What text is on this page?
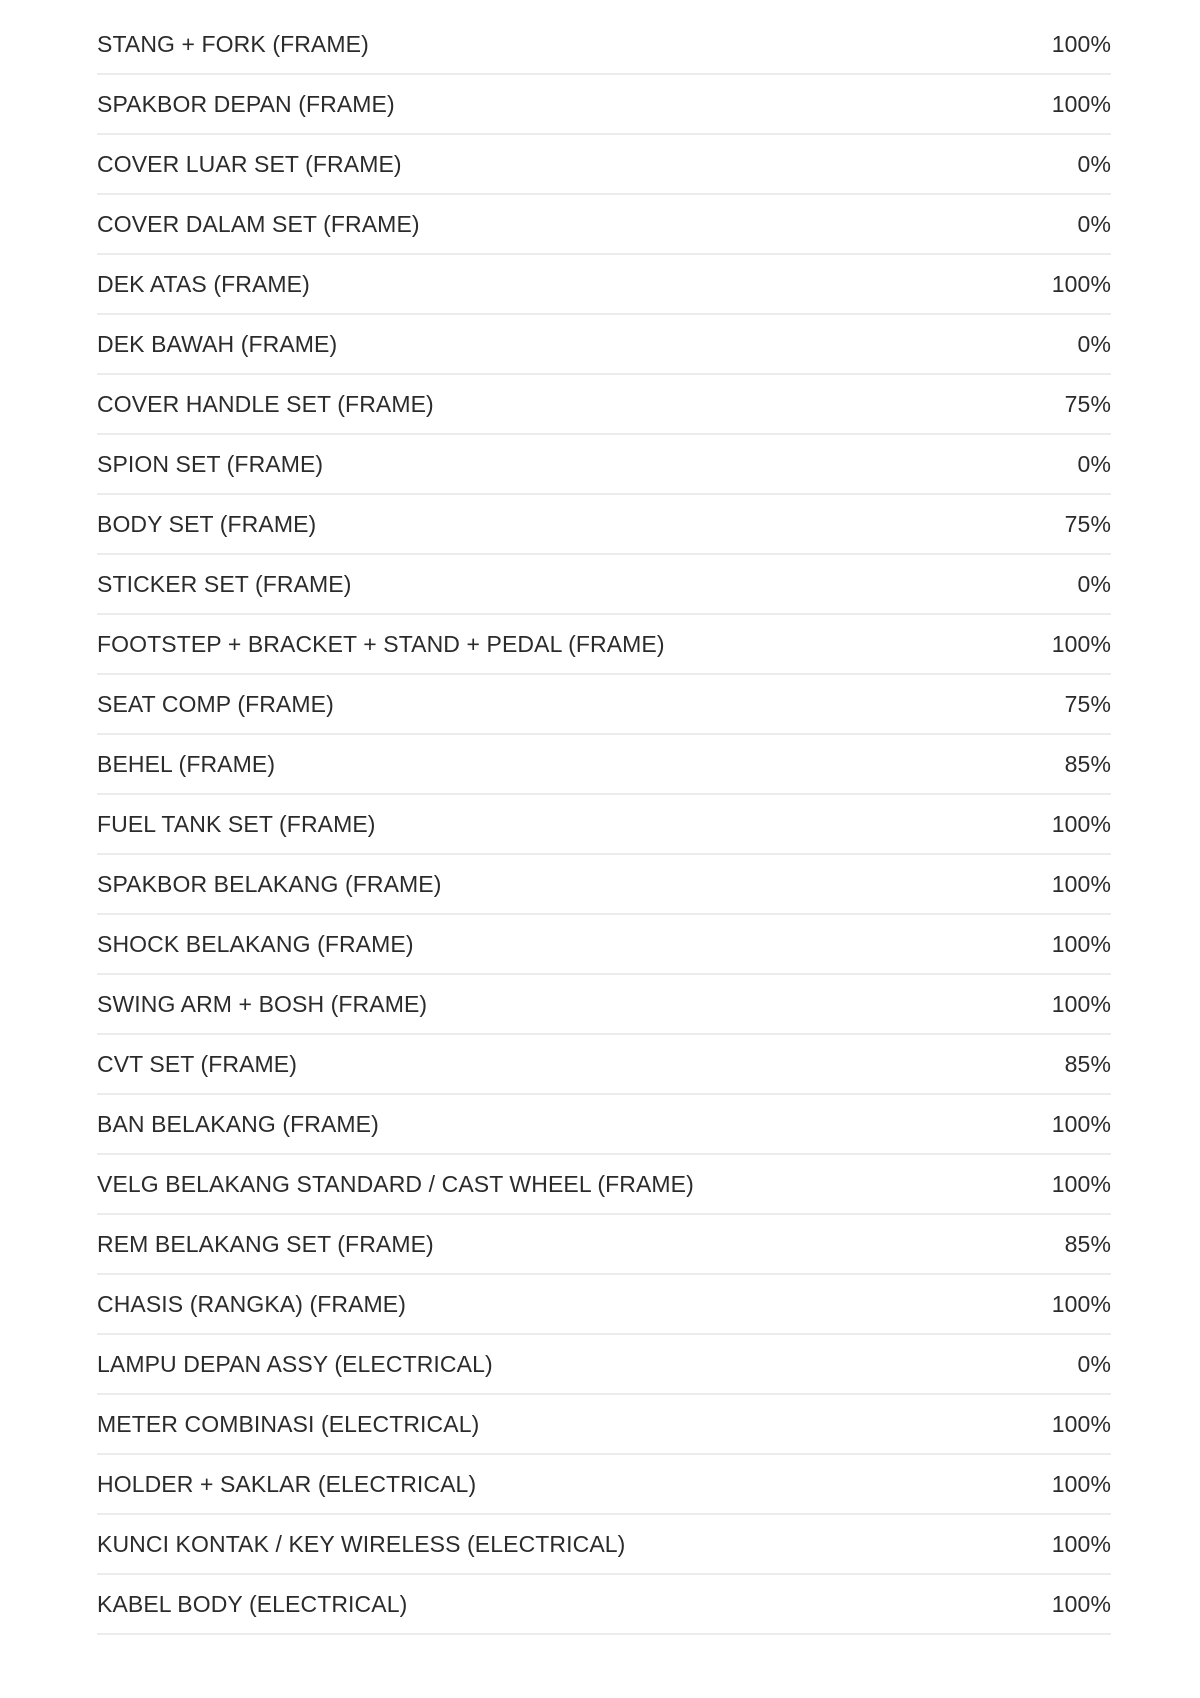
STANG + FORK (FRAME)	100%
SPAKBOR DEPAN (FRAME)	100%
COVER LUAR SET (FRAME)	0%
COVER DALAM SET (FRAME)	0%
DEK ATAS (FRAME)	100%
DEK BAWAH (FRAME)	0%
COVER HANDLE SET (FRAME)	75%
SPION SET (FRAME)	0%
BODY SET (FRAME)	75%
STICKER SET (FRAME)	0%
FOOTSTEP + BRACKET + STAND + PEDAL (FRAME)	100%
SEAT COMP (FRAME)	75%
BEHEL (FRAME)	85%
FUEL TANK SET (FRAME)	100%
SPAKBOR BELAKANG (FRAME)	100%
SHOCK BELAKANG (FRAME)	100%
SWING ARM + BOSH (FRAME)	100%
CVT SET (FRAME)	85%
BAN BELAKANG (FRAME)	100%
VELG BELAKANG STANDARD / CAST WHEEL (FRAME)	100%
REM BELAKANG SET (FRAME)	85%
CHASIS (RANGKA) (FRAME)	100%
LAMPU DEPAN ASSY (ELECTRICAL)	0%
METER COMBINASI (ELECTRICAL)	100%
HOLDER + SAKLAR (ELECTRICAL)	100%
KUNCI KONTAK / KEY WIRELESS (ELECTRICAL)	100%
KABEL BODY (ELECTRICAL)	100%
